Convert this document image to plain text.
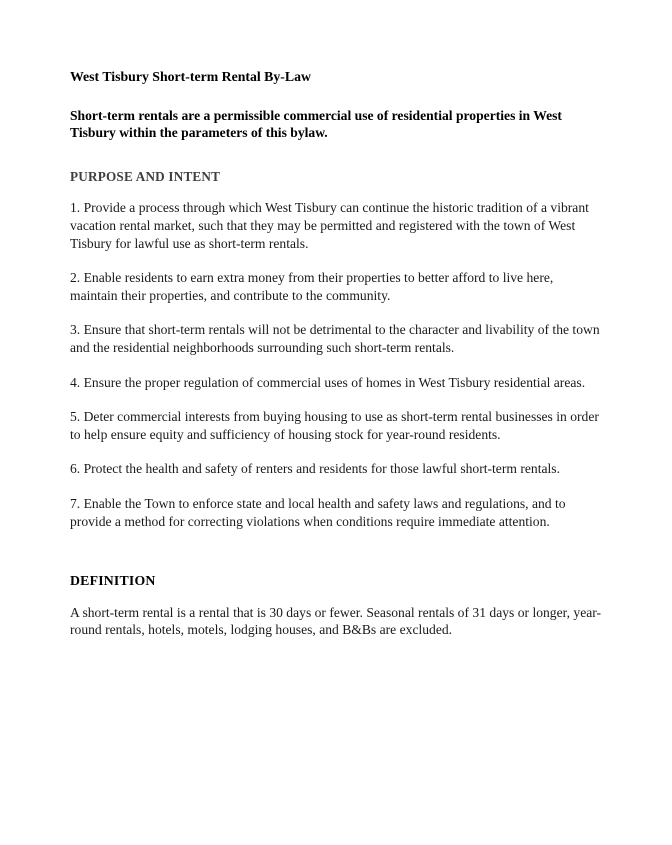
West Tisbury Short-term Rental By-Law

Short-term rentals are a permissible commercial use of residential properties in West Tisbury within the parameters of this bylaw.

PURPOSE AND INTENT

1. Provide a process through which West Tisbury can continue the historic tradition of a vibrant vacation rental market, such that they may be permitted and registered with the town of West Tisbury for lawful use as short-term rentals.

2. Enable residents to earn extra money from their properties to better afford to live here, maintain their properties, and contribute to the community.

3. Ensure that short-term rentals will not be detrimental to the character and livability of the town and the residential neighborhoods surrounding such short-term rentals.

4. Ensure the proper regulation of commercial uses of homes in West Tisbury residential areas.

5. Deter commercial interests from buying housing to use as short-term rental businesses in order to help ensure equity and sufficiency of housing stock for year-round residents.

6. Protect the health and safety of renters and residents for those lawful short-term rentals.

7. Enable the Town to enforce state and local health and safety laws and regulations, and to provide a method for correcting violations when conditions require immediate attention.

DEFINITION

A short-term rental is a rental that is 30 days or fewer. Seasonal rentals of 31 days or longer, year-round rentals, hotels, motels, lodging houses, and B&Bs are excluded.
